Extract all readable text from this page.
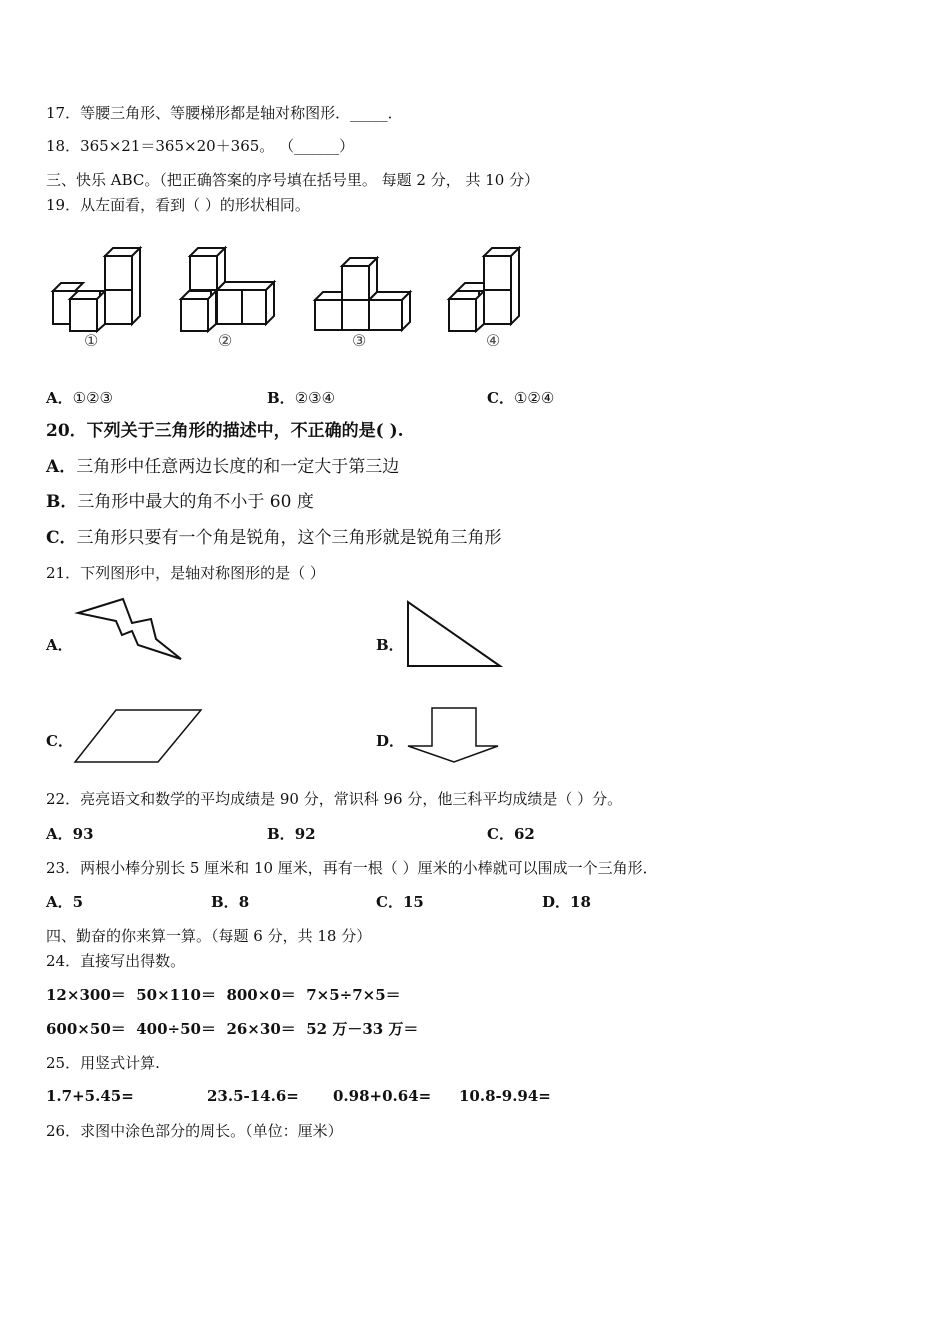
17．等腰三角形、等腰梯形都是轴对称图形．_____．
18．365×21＝365×20＋365。 （______）
三、快乐 ABC。（把正确答案的序号填在括号里。 每题 2 分， 共 10 分）
19．从左面看，看到（ ）的形状相同。
①	②	③	④
A．①②③	B．②③④	C．①②④
20．下列关于三角形的描述中，不正确的是( ).
A．三角形中任意两边长度的和一定大于第三边
B．三角形中最大的角不小于 60 度
C．三角形只要有一个角是锐角，这个三角形就是锐角三角形
21．下列图形中，是轴对称图形的是（ ）
A．	B．
C．	D．
22．亮亮语文和数学的平均成绩是 90 分，常识科 96 分，他三科平均成绩是（ ）分。
A．93	B．92	C．62
23．两根小棒分别长 5 厘米和 10 厘米，再有一根（ ）厘米的小棒就可以围成一个三角形．
A．5	B．8	C．15	D．18
四、勤奋的你来算一算。（每题 6 分，共 18 分）
24．直接写出得数。
12×300＝ 50×110＝ 800×0＝ 7×5÷7×5＝
600×50＝ 400÷50＝ 26×30＝ 52 万－33 万＝
25．用竖式计算.
1.7+5.45=	23.5-14.6= 0.98+0.64= 10.8-9.94=
26．求图中涂色部分的周长。（单位：厘米）
